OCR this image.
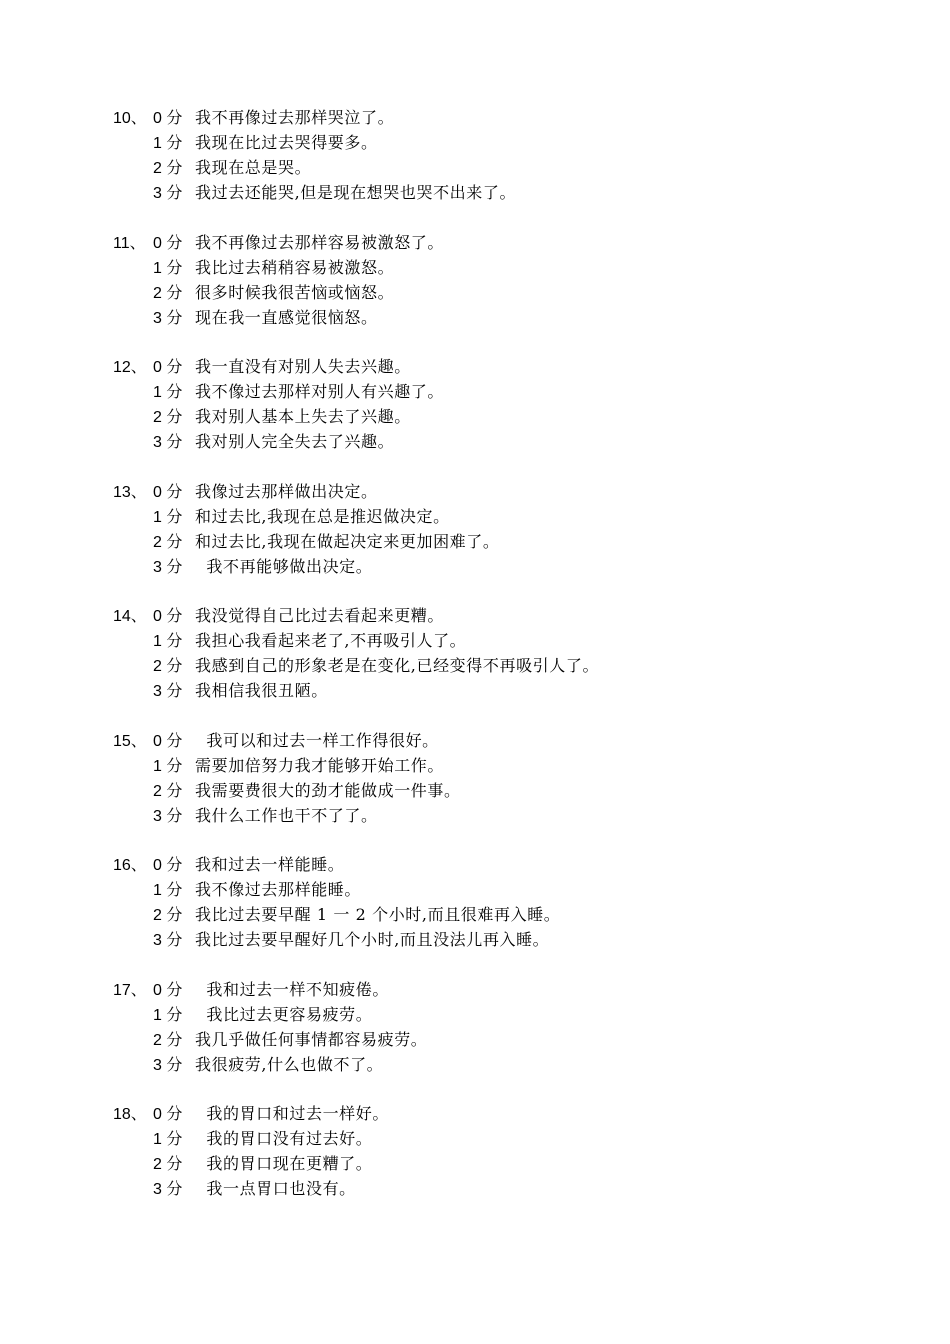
10、 0 分 我不再像过去那样哭泣了。
1 分 我现在比过去哭得要多。
2 分 我现在总是哭。
3 分 我过去还能哭,但是现在想哭也哭不出来了。
11、 0 分 我不再像过去那样容易被激怒了。
1 分 我比过去稍稍容易被激怒。
2 分 很多时候我很苦恼或恼怒。
3 分 现在我一直感觉很恼怒。
12、 0 分 我一直没有对别人失去兴趣。
1 分 我不像过去那样对别人有兴趣了。
2 分 我对别人基本上失去了兴趣。
3 分 我对别人完全失去了兴趣。
13、 0 分 我像过去那样做出决定。
1 分 和过去比,我现在总是推迟做决定。
2 分 和过去比,我现在做起决定来更加困难了。
3 分 我不再能够做出决定。
14、 0 分 我没觉得自己比过去看起来更糟。
1 分 我担心我看起来老了,不再吸引人了。
2 分 我感到自己的形象老是在变化,已经变得不再吸引人了。
3 分 我相信我很丑陋。
15、 0 分 我可以和过去一样工作得很好。
1 分 需要加倍努力我才能够开始工作。
2 分 我需要费很大的劲才能做成一件事。
3 分 我什么工作也干不了了。
16、 0 分 我和过去一样能睡。
1 分 我不像过去那样能睡。
2 分 我比过去要早醒 1 一 2 个小时,而且很难再入睡。
3 分 我比过去要早醒好几个小时,而且没法儿再入睡。
17、 0 分 我和过去一样不知疲倦。
1 分 我比过去更容易疲劳。
2 分 我几乎做任何事情都容易疲劳。
3 分 我很疲劳,什么也做不了。
18、 0 分 我的胃口和过去一样好。
1 分 我的胃口没有过去好。
2 分 我的胃口现在更糟了。
3 分 我一点胃口也没有。
